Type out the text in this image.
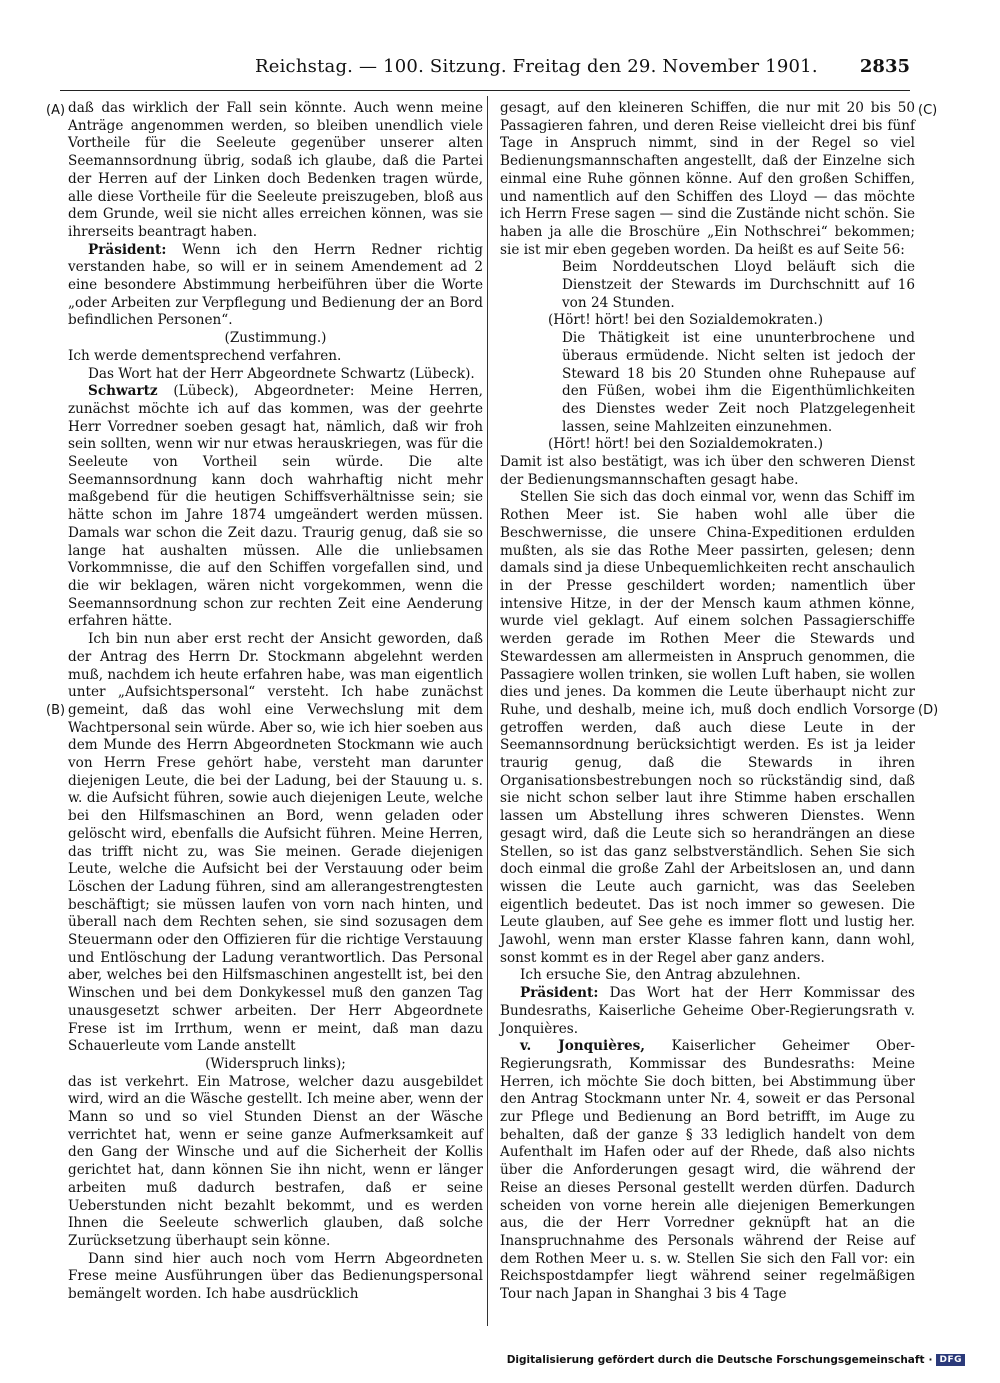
Reichstag. — 100. Sitzung. Freitag den 29. November 1901. 2835
(A)
(B)
(C)
(D)

daß das wirklich der Fall sein könnte. Auch wenn meine Anträge angenommen werden, so bleiben unendlich viele Vortheile für die Seeleute gegenüber unserer alten Seemannsordnung übrig, sodaß ich glaube, daß die Partei der Herren auf der Linken doch Bedenken tragen würde, alle diese Vortheile für die Seeleute preiszugeben, bloß aus dem Grunde, weil sie nicht alles erreichen können, was sie ihrerseits beantragt haben.

Präsident: Wenn ich den Herrn Redner richtig verstanden habe, so will er in seinem Amendement ad 2 eine besondere Abstimmung herbeiführen über die Worte „oder Arbeiten zur Verpflegung und Bedienung der an Bord befindlichen Personen“.

(Zustimmung.)

Ich werde dementsprechend verfahren.

Das Wort hat der Herr Abgeordnete Schwartz (Lübeck).

Schwartz (Lübeck), Abgeordneter: Meine Herren, zunächst möchte ich auf das kommen, was der geehrte Herr Vorredner soeben gesagt hat, nämlich, daß wir froh sein sollten, wenn wir nur etwas herauskriegen, was für die Seeleute von Vortheil sein würde. Die alte Seemannsordnung kann doch wahrhaftig nicht mehr maßgebend für die heutigen Schiffsverhältnisse sein; sie hätte schon im Jahre 1874 umgeändert werden müssen. Damals war schon die Zeit dazu. Traurig genug, daß sie so lange hat aushalten müssen. Alle die unliebsamen Vorkommnisse, die auf den Schiffen vorgefallen sind, und die wir beklagen, wären nicht vorgekommen, wenn die Seemannsordnung schon zur rechten Zeit eine Aenderung erfahren hätte.

Ich bin nun aber erst recht der Ansicht geworden, daß der Antrag des Herrn Dr. Stockmann abgelehnt werden muß, nachdem ich heute erfahren habe, was man eigentlich unter „Aufsichtspersonal“ versteht. Ich habe zunächst gemeint, daß das wohl eine Verwechslung mit dem Wachtpersonal sein würde. Aber so, wie ich hier soeben aus dem Munde des Herrn Abgeordneten Stockmann wie auch von Herrn Frese gehört habe, versteht man darunter diejenigen Leute, die bei der Ladung, bei der Stauung u. s. w. die Aufsicht führen, sowie auch diejenigen Leute, welche bei den Hilfsmaschinen an Bord, wenn geladen oder gelöscht wird, ebenfalls die Aufsicht führen. Meine Herren, das trifft nicht zu, was Sie meinen. Gerade diejenigen Leute, welche die Aufsicht bei der Verstauung oder beim Löschen der Ladung führen, sind am allerangestrengtesten beschäftigt; sie müssen laufen von vorn nach hinten, und überall nach dem Rechten sehen, sie sind sozusagen dem Steuermann oder den Offizieren für die richtige Verstauung und Entlöschung der Ladung verantwortlich. Das Personal aber, welches bei den Hilfsmaschinen angestellt ist, bei den Winschen und bei dem Donkykessel muß den ganzen Tag unausgesetzt schwer arbeiten. Der Herr Abgeordnete Frese ist im Irrthum, wenn er meint, daß man dazu Schauerleute vom Lande anstellt

(Widerspruch links);

das ist verkehrt. Ein Matrose, welcher dazu ausgebildet wird, wird an die Wäsche gestellt. Ich meine aber, wenn der Mann so und so viel Stunden Dienst an der Wäsche verrichtet hat, wenn er seine ganze Aufmerksamkeit auf den Gang der Winsche und auf die Sicherheit der Kollis gerichtet hat, dann können Sie ihn nicht, wenn er länger arbeiten muß dadurch bestrafen, daß er seine Ueberstunden nicht bezahlt bekommt, und es werden Ihnen die Seeleute schwerlich glauben, daß solche Zurücksetzung überhaupt sein könne.

Dann sind hier auch noch vom Herrn Abgeordneten Frese meine Ausführungen über das Bedienungspersonal bemängelt worden. Ich habe ausdrücklich

gesagt, auf den kleineren Schiffen, die nur mit 20 bis 50 Passagieren fahren, und deren Reise vielleicht drei bis fünf Tage in Anspruch nimmt, sind in der Regel so viel Bedienungsmannschaften angestellt, daß der Einzelne sich einmal eine Ruhe gönnen könne. Auf den großen Schiffen, und namentlich auf den Schiffen des Lloyd — das möchte ich Herrn Frese sagen — sind die Zustände nicht schön. Sie haben ja alle die Broschüre „Ein Nothschrei“ bekommen; sie ist mir eben gegeben worden. Da heißt es auf Seite 56:

Beim Norddeutschen Lloyd beläuft sich die Dienstzeit der Stewards im Durchschnitt auf 16 von 24 Stunden.

(Hört! hört! bei den Sozialdemokraten.)

Die Thätigkeit ist eine ununterbrochene und überaus ermüdende. Nicht selten ist jedoch der Steward 18 bis 20 Stunden ohne Ruhepause auf den Füßen, wobei ihm die Eigenthümlichkeiten des Dienstes weder Zeit noch Platzgelegenheit lassen, seine Mahlzeiten einzunehmen.

(Hört! hört! bei den Sozialdemokraten.)

Damit ist also bestätigt, was ich über den schweren Dienst der Bedienungsmannschaften gesagt habe.

Stellen Sie sich das doch einmal vor, wenn das Schiff im Rothen Meer ist. Sie haben wohl alle über die Beschwernisse, die unsere China-Expeditionen erdulden mußten, als sie das Rothe Meer passirten, gelesen; denn damals sind ja diese Unbequemlichkeiten recht anschaulich in der Presse geschildert worden; namentlich über intensive Hitze, in der der Mensch kaum athmen könne, wurde viel geklagt. Auf einem solchen Passagierschiffe werden gerade im Rothen Meer die Stewards und Stewardessen am allermeisten in Anspruch genommen, die Passagiere wollen trinken, sie wollen Luft haben, sie wollen dies und jenes. Da kommen die Leute überhaupt nicht zur Ruhe, und deshalb, meine ich, muß doch endlich Vorsorge getroffen werden, daß auch diese Leute in der Seemannsordnung berücksichtigt werden. Es ist ja leider traurig genug, daß die Stewards in ihren Organisationsbestrebungen noch so rückständig sind, daß sie nicht schon selber laut ihre Stimme haben erschallen lassen um Abstellung ihres schweren Dienstes. Wenn gesagt wird, daß die Leute sich so herandrängen an diese Stellen, so ist das ganz selbstverständlich. Sehen Sie sich doch einmal die große Zahl der Arbeitslosen an, und dann wissen die Leute auch garnicht, was das Seeleben eigentlich bedeutet. Das ist noch immer so gewesen. Die Leute glauben, auf See gehe es immer flott und lustig her. Jawohl, wenn man erster Klasse fahren kann, dann wohl, sonst kommt es in der Regel aber ganz anders.

Ich ersuche Sie, den Antrag abzulehnen.

Präsident: Das Wort hat der Herr Kommissar des Bundesraths, Kaiserliche Geheime Ober-Regierungsrath v. Jonquières.

v. Jonquières, Kaiserlicher Geheimer Ober-Regierungsrath, Kommissar des Bundesraths: Meine Herren, ich möchte Sie doch bitten, bei Abstimmung über den Antrag Stockmann unter Nr. 4, soweit er das Personal zur Pflege und Bedienung an Bord betrifft, im Auge zu behalten, daß der ganze § 33 lediglich handelt von dem Aufenthalt im Hafen oder auf der Rhede, daß also nichts über die Anforderungen gesagt wird, die während der Reise an dieses Personal gestellt werden dürfen. Dadurch scheiden von vorne herein alle diejenigen Bemerkungen aus, die der Herr Vorredner geknüpft hat an die Inanspruchnahme des Personals während der Reise auf dem Rothen Meer u. s. w. Stellen Sie sich den Fall vor: ein Reichspostdampfer liegt während seiner regelmäßigen Tour nach Japan in Shanghai 3 bis 4 Tage

Digitalisierung gefördert durch die Deutsche Forschungsgemeinschaft · DFG
